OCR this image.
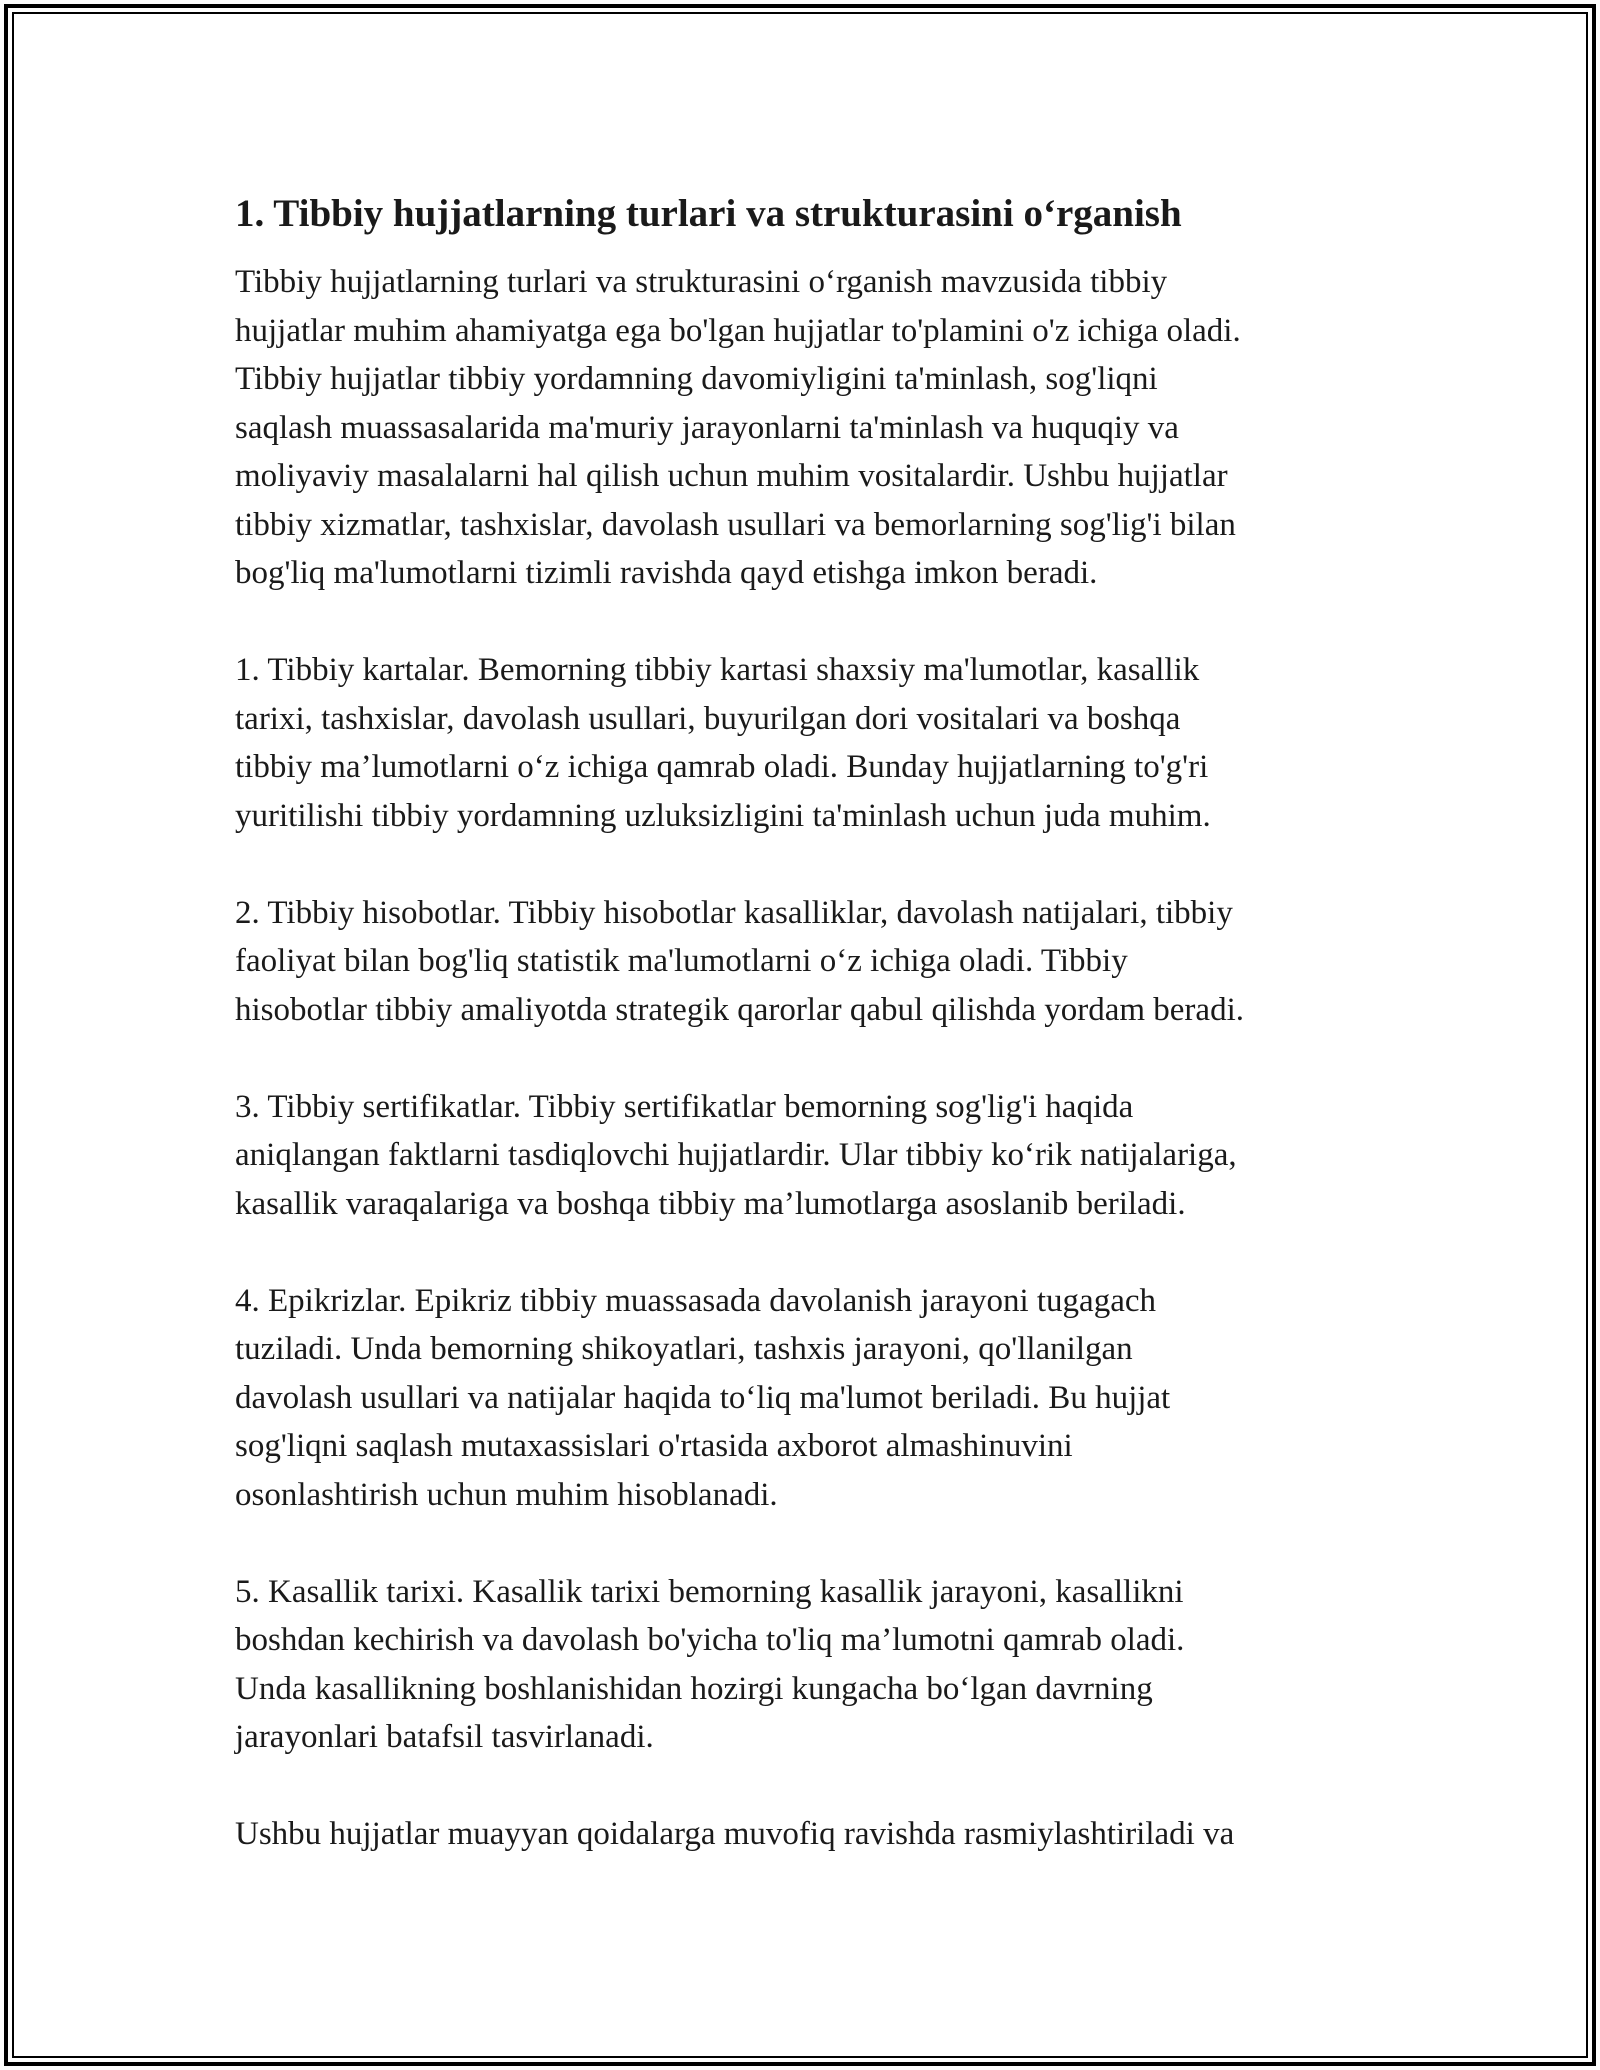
1. Tibbiy hujjatlarning turlari va strukturasini o‘rganish

Tibbiy hujjatlarning turlari va strukturasini o‘rganish mavzusida tibbiy

hujjatlar muhim ahamiyatga ega bo'lgan hujjatlar to'plamini o'z ichiga oladi.

Tibbiy hujjatlar tibbiy yordamning davomiyligini ta'minlash, sog'liqni

saqlash muassasalarida ma'muriy jarayonlarni ta'minlash va huquqiy va

moliyaviy masalalarni hal qilish uchun muhim vositalardir. Ushbu hujjatlar

tibbiy xizmatlar, tashxislar, davolash usullari va bemorlarning sog'lig'i bilan

bog'liq ma'lumotlarni tizimli ravishda qayd etishga imkon beradi.

1. Tibbiy kartalar. Bemorning tibbiy kartasi shaxsiy ma'lumotlar, kasallik

tarixi, tashxislar, davolash usullari, buyurilgan dori vositalari va boshqa

tibbiy ma’lumotlarni o‘z ichiga qamrab oladi. Bunday hujjatlarning to'g'ri

yuritilishi tibbiy yordamning uzluksizligini ta'minlash uchun juda muhim.

2. Tibbiy hisobotlar. Tibbiy hisobotlar kasalliklar, davolash natijalari, tibbiy

faoliyat bilan bog'liq statistik ma'lumotlarni o‘z ichiga oladi. Tibbiy

hisobotlar tibbiy amaliyotda strategik qarorlar qabul qilishda yordam beradi.

3. Tibbiy sertifikatlar. Tibbiy sertifikatlar bemorning sog'lig'i haqida

aniqlangan faktlarni tasdiqlovchi hujjatlardir. Ular tibbiy ko‘rik natijalariga,

kasallik varaqalariga va boshqa tibbiy ma’lumotlarga asoslanib beriladi.

4. Epikrizlar. Epikriz tibbiy muassasada davolanish jarayoni tugagach

tuziladi. Unda bemorning shikoyatlari, tashxis jarayoni, qo'llanilgan

davolash usullari va natijalar haqida to‘liq ma'lumot beriladi. Bu hujjat

sog'liqni saqlash mutaxassislari o'rtasida axborot almashinuvini

osonlashtirish uchun muhim hisoblanadi.

5. Kasallik tarixi. Kasallik tarixi bemorning kasallik jarayoni, kasallikni

boshdan kechirish va davolash bo'yicha to'liq ma’lumotni qamrab oladi.

Unda kasallikning boshlanishidan hozirgi kungacha bo‘lgan davrning

jarayonlari batafsil tasvirlanadi.

Ushbu hujjatlar muayyan qoidalarga muvofiq ravishda rasmiylashtiriladi va
